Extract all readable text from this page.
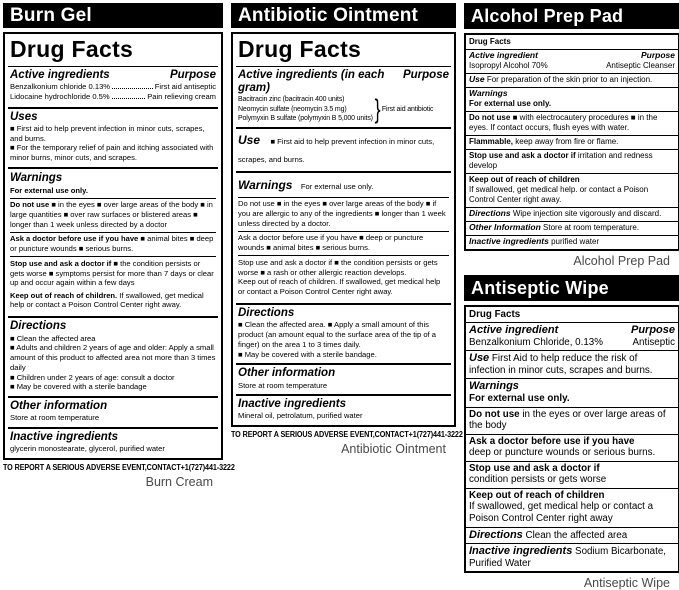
Burn Gel
Drug Facts
Active ingredients	Purpose
Benzalkonium chloride 0.13%	First aid antiseptic
Lidocaine hydrochloride 0.5%	Pain relieving cream
Uses
■ First aid to help prevent infection in minor cuts, scrapes, and burns.
■ For the temporary relief of pain and itching associated with minor burns, minor cuts, and scrapes.
Warnings
For external use only.
Do not use ■ in the eyes ■ over large areas of the body ■ in large quantities ■ over raw surfaces or blistered areas ■ longer than 1 week unless directed by a doctor
Ask a doctor before use if you have ■ animal bites ■ deep or puncture wounds ■ serious burns.
Stop use and ask a doctor if ■ the condition persists or gets worse ■ symptoms persist for more than 7 days or clear up and occur again within a few days
Keep out of reach of children. If swallowed, get medical help or contact a Poison Control Center right away.
Directions
■ Clean the affected area
■ Adults and children 2 years of age and older: Apply a small amount of this product to affected area not more than 3 times daily
■ Children under 2 years of age: consult a doctor
■ May be covered with a sterile bandage
Other information
Store at room temperature
Inactive ingredients
glycerin monostearate, glycerol, purified water
TO REPORT A SERIOUS ADVERSE EVENT,CONTACT+1(727)441-3222
Burn Cream
Antibiotic Ointment
Drug Facts
Active ingredients (in each gram)
Purpose
Bacitracin zinc (bacitracin 400 units)
Neomycin sulfate (neomycin 3.5 mg)
Polymyxin B sulfate (polymyxin B 5,000 units) } First aid antibiotic
Use ■ First aid to help prevent infection in minor cuts, scrapes, and burns.
Warnings For external use only.
Do not use ■ in the eyes ■ over large areas of the body ■ if you are allergic to any of the ingredients ■ longer than 1 week unless directed by a doctor.
Ask a doctor before use if you have ■ deep or puncture wounds ■ animal bites ■ serious burns.
Stop use and ask a doctor if ■ the condition persists or gets worse ■ a rash or other allergic reaction develops.
Keep out of reach of children. If swallowed, get medical help or contact a Poison Control Center right away.
Directions
■ Clean the affected area. ■ Apply a small amount of this product (an amount equal to the surface area of the tip of a finger) on the area 1 to 3 times daily.
■ May be covered with a sterile bandage.
Other information
Store at room temperature
Inactive ingredients
Mineral oil, petrolatum, purified water
TO REPORT A SERIOUS ADVERSE EVENT,CONTACT+1(727)441-3222
Antibiotic Ointment
Alcohol Prep Pad
Drug Facts
Active ingredient	Purpose
Isopropyl Alcohol 70%	Antiseptic Cleanser
Use For preparation of the skin prior to an injection.
Warnings
For external use only.
Do not use ■ with electrocautery procedures ■ in the eyes. If contact occurs, flush eyes with water.
Flammable, keep away from fire or flame.
Stop use and ask a doctor if irritation and redness develop
Keep out of reach of children
If swallowed, get medical help. or contact a Poison Control Center right away.
Directions Wipe injection site vigorously and discard.
Other Information Store at room temperature.
Inactive ingredients purified water
Alcohol Prep Pad
Antiseptic Wipe
Drug Facts
Active ingredient	Purpose
Benzalkonium Chloride, 0.13%	Antiseptic
Use First Aid to help reduce the risk of infection in minor cuts, scrapes and burns.
Warnings
For external use only.
Do not use in the eyes or over large areas of the body
Ask a doctor before use if you have
deep or puncture wounds or serious burns.
Stop use and ask a doctor if
condition persists or gets worse
Keep out of reach of children
If swallowed, get medical help or contact a Poison Control Center right away
Directions Clean the affected area
Inactive ingredients Sodium Bicarbonate, Purified Water
Antiseptic Wipe
